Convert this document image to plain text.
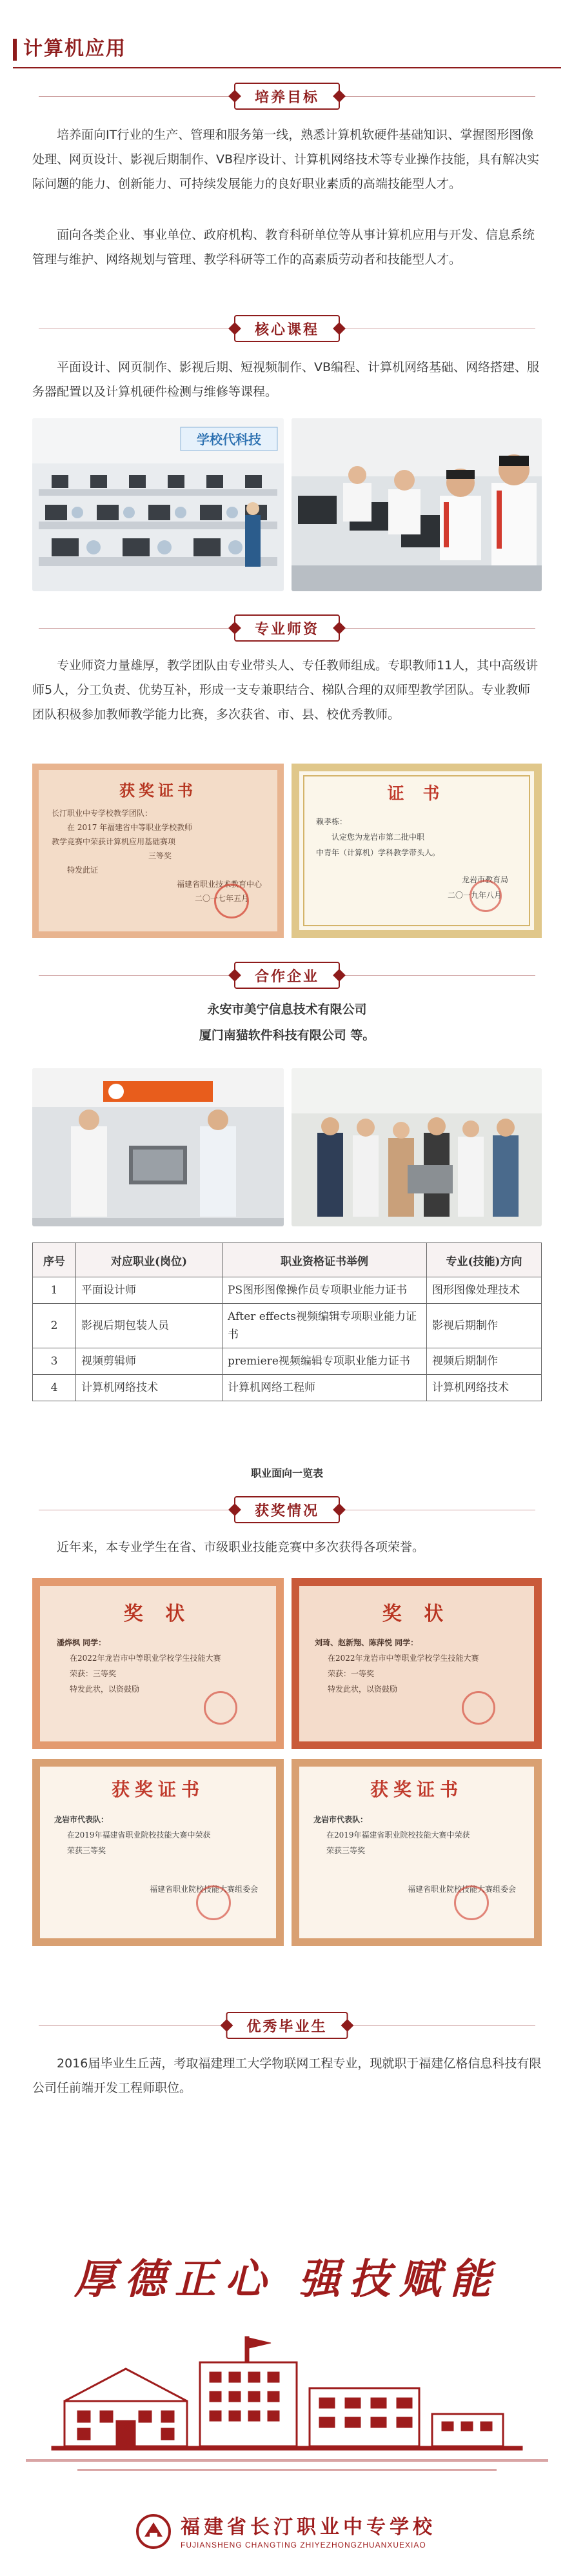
计算机应用
培养目标

培养面向IT行业的生产、管理和服务第一线，熟悉计算机软硬件基础知识、掌握图形图像处理、网页设计、影视后期制作、VB程序设计、计算机网络技术等专业操作技能，具有解决实际问题的能力、创新能力、可持续发展能力的良好职业素质的高端技能型人才。

面向各类企业、事业单位、政府机构、教育科研单位等从事计算机应用与开发、信息系统管理与维护、网络规划与管理、教学科研等工作的高素质劳动者和技能型人才。

核心课程

平面设计、网页制作、影视后期、短视频制作、VB编程、计算机网络基础、网络搭建、服务器配置以及计算机硬件检测与维修等课程。

学校代科技
专业师资

专业师资力量雄厚，教学团队由专业带头人、专任教师组成。专职教师11人，其中高级讲师5人，分工负责、优势互补，形成一支专兼职结合、梯队合理的双师型教学团队。专业教师团队积极参加教师教学能力比赛，多次获省、市、县、校优秀教师。

获奖证书
长汀职业中专学校教学团队：
在 2017 年福建省中等职业学校教师
教学竞赛中荣获计算机应用基础赛项
三等奖
特发此证
福建省职业技术教育中心
二〇一七年五月
证 书
赖孝栋：
认定您为龙岩市第二批中职
中青年（计算机）学科教学带头人。
龙岩市教育局
二〇一九年八月
合作企业

永安市美宁信息技术有限公司

厦门南猫软件科技有限公司 等。

序号	对应职业(岗位)	职业资格证书举例	专业(技能)方向
1	平面设计师	PS图形图像操作员专项职业能力证书	图形图像处理技术
2	影视后期包装人员	After effects视频编辑专项职业能力证书	影视后期制作
3	视频剪辑师	premiere视频编辑专项职业能力证书	视频后期制作
4	计算机网络技术	计算机网络工程师	计算机网络技术
职业面向一览表
获奖情况

近年来，本专业学生在省、市级职业技能竞赛中多次获得各项荣誉。

奖 状
潘烨枫 同学：
在2022年龙岩市中等职业学校学生技能大赛
荣获：三等奖
特发此状，以资鼓励
奖 状
刘琦、赵新翔、陈萍悦 同学：
在2022年龙岩市中等职业学校学生技能大赛
荣获：一等奖
特发此状，以资鼓励
获奖证书
龙岩市代表队：
在2019年福建省职业院校技能大赛中荣获
荣获三等奖
福建省职业院校技能大赛组委会
获奖证书
龙岩市代表队：
在2019年福建省职业院校技能大赛中荣获
荣获三等奖
福建省职业院校技能大赛组委会
优秀毕业生

2016届毕业生丘茜，考取福建理工大学物联网工程专业，现就职于福建亿格信息科技有限公司任前端开发工程师职位。

厚德正心 强技赋能
福建省长汀职业中专学校
FUJIANSHENG CHANGTING ZHIYEZHONGZHUANXUEXIAO
